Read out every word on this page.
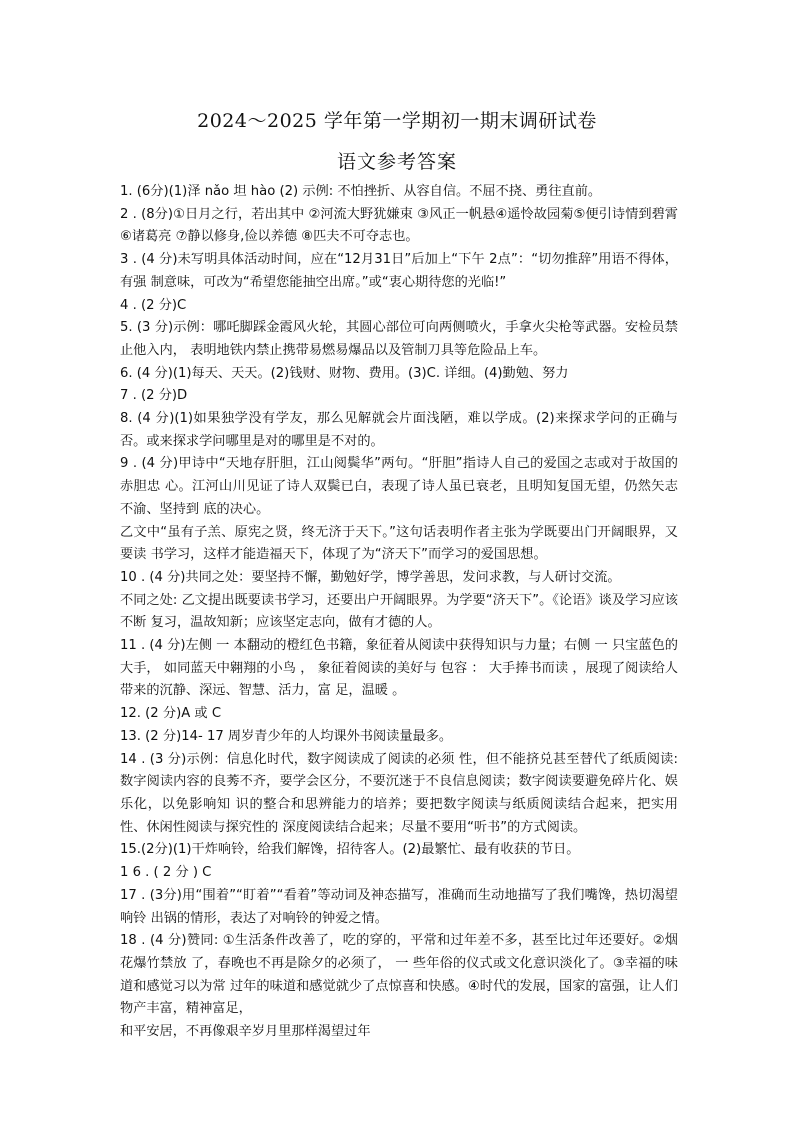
2024～2025 学年第一学期初一期末调研试卷
语文参考答案

1. (6分)(1)泽 nǎo 坦 hào (2) 示例: 不怕挫折、从容自信。不屈不挠、勇往直前。

2 . (8分)①日月之行，若出其中 ②河流大野犹嫌束 ③风正一帆悬④遥怜故园菊⑤便引诗情到碧霄⑥诸葛亮 ⑦静以修身,俭以养德 ⑧匹夫不可夺志也。

3 . (4 分)未写明具体活动时间，应在“12月31日”后加上“下午 2点”：“切勿推辞”用语不得体，有强 制意味，可改为“希望您能抽空出席。”或“衷心期待您的光临!”

4 . (2 分)C

5. (3 分)示例：哪吒脚踩金霞风火轮，其圆心部位可向两侧喷火，手拿火尖枪等武器。安检员禁止他入内， 表明地铁内禁止携带易燃易爆品以及管制刀具等危险品上车。

6. (4 分)(1)每天、天天。(2)钱财、财物、费用。(3)C. 详细。(4)勤勉、努力

7 . (2 分)D

8. (4 分)(1)如果独学没有学友，那么见解就会片面浅陋，难以学成。(2)来探求学问的正确与否。或来探求学问哪里是对的哪里是不对的。

9 . (4 分)甲诗中“天地存肝胆，江山阅鬓华”两句。“肝胆”指诗人自己的爱国之志或对于故国的赤胆忠 心。江河山川见证了诗人双鬓已白，表现了诗人虽已衰老，且明知复国无望，仍然矢志不渝、坚持到 底的决心。

乙文中“虽有子羔、原宪之贤，终无济于天下。”这句话表明作者主张为学既要出门开阔眼界，又要读 书学习，这样才能造福天下，体现了为“济天下”而学习的爱国思想。

10 . (4 分)共同之处：要坚持不懈，勤勉好学，博学善思，发问求教，与人研讨交流。

不同之处: 乙文提出既要读书学习，还要出户开阔眼界。为学要“济天下”。《论语》谈及学习应该不断 复习，温故知新；应该坚定志向，做有才德的人。

11 . (4 分)左侧 一 本翻动的橙红色书籍，象征着从阅读中获得知识与力量；右侧 一 只宝蓝色的大手， 如同蓝天中翱翔的小鸟 ， 象征着阅读的美好与 包容 ： 大手捧书而读 ，展现了阅读给人带来的沉静、深远、智慧、活力，富 足，温暖 。

12. (2 分)A 或 C

13. (2 分)14- 17 周岁青少年的人均课外书阅读量最多。

14 . (3 分)示例：信息化时代，数字阅读成了阅读的必须 性，但不能挤兑甚至替代了纸质阅读: 数字阅读内容的良莠不齐，要学会区分，不要沉迷于不良信息阅读；数字阅读要避免碎片化、娱乐化，以免影响知 识的整合和思辨能力的培养；要把数字阅读与纸质阅读结合起来，把实用性、休闲性阅读与探究性的 深度阅读结合起来；尽量不要用“听书”的方式阅读。

15.(2分)(1)干炸响铃，给我们解馋，招待客人。(2)最繁忙、最有收获的节日。

1 6 . ( 2 分 ) C

17 . (3分)用“围着”“盯着”“看着”等动词及神态描写，准确而生动地描写了我们嘴馋，热切渴望响铃 出锅的情形，表达了对响铃的钟爱之情。

18 . (4 分)赞同: ①生活条件改善了，吃的穿的，平常和过年差不多，甚至比过年还要好。②烟花爆竹禁放 了，春晚也不再是除夕的必须了， 一 些年俗的仪式或文化意识淡化了。③幸福的味道和感觉习以为常 过年的味道和感觉就少了点惊喜和快感。④时代的发展，国家的富强，让人们物产丰富，精神富足，

和平安居，不再像艰辛岁月里那样渴望过年
